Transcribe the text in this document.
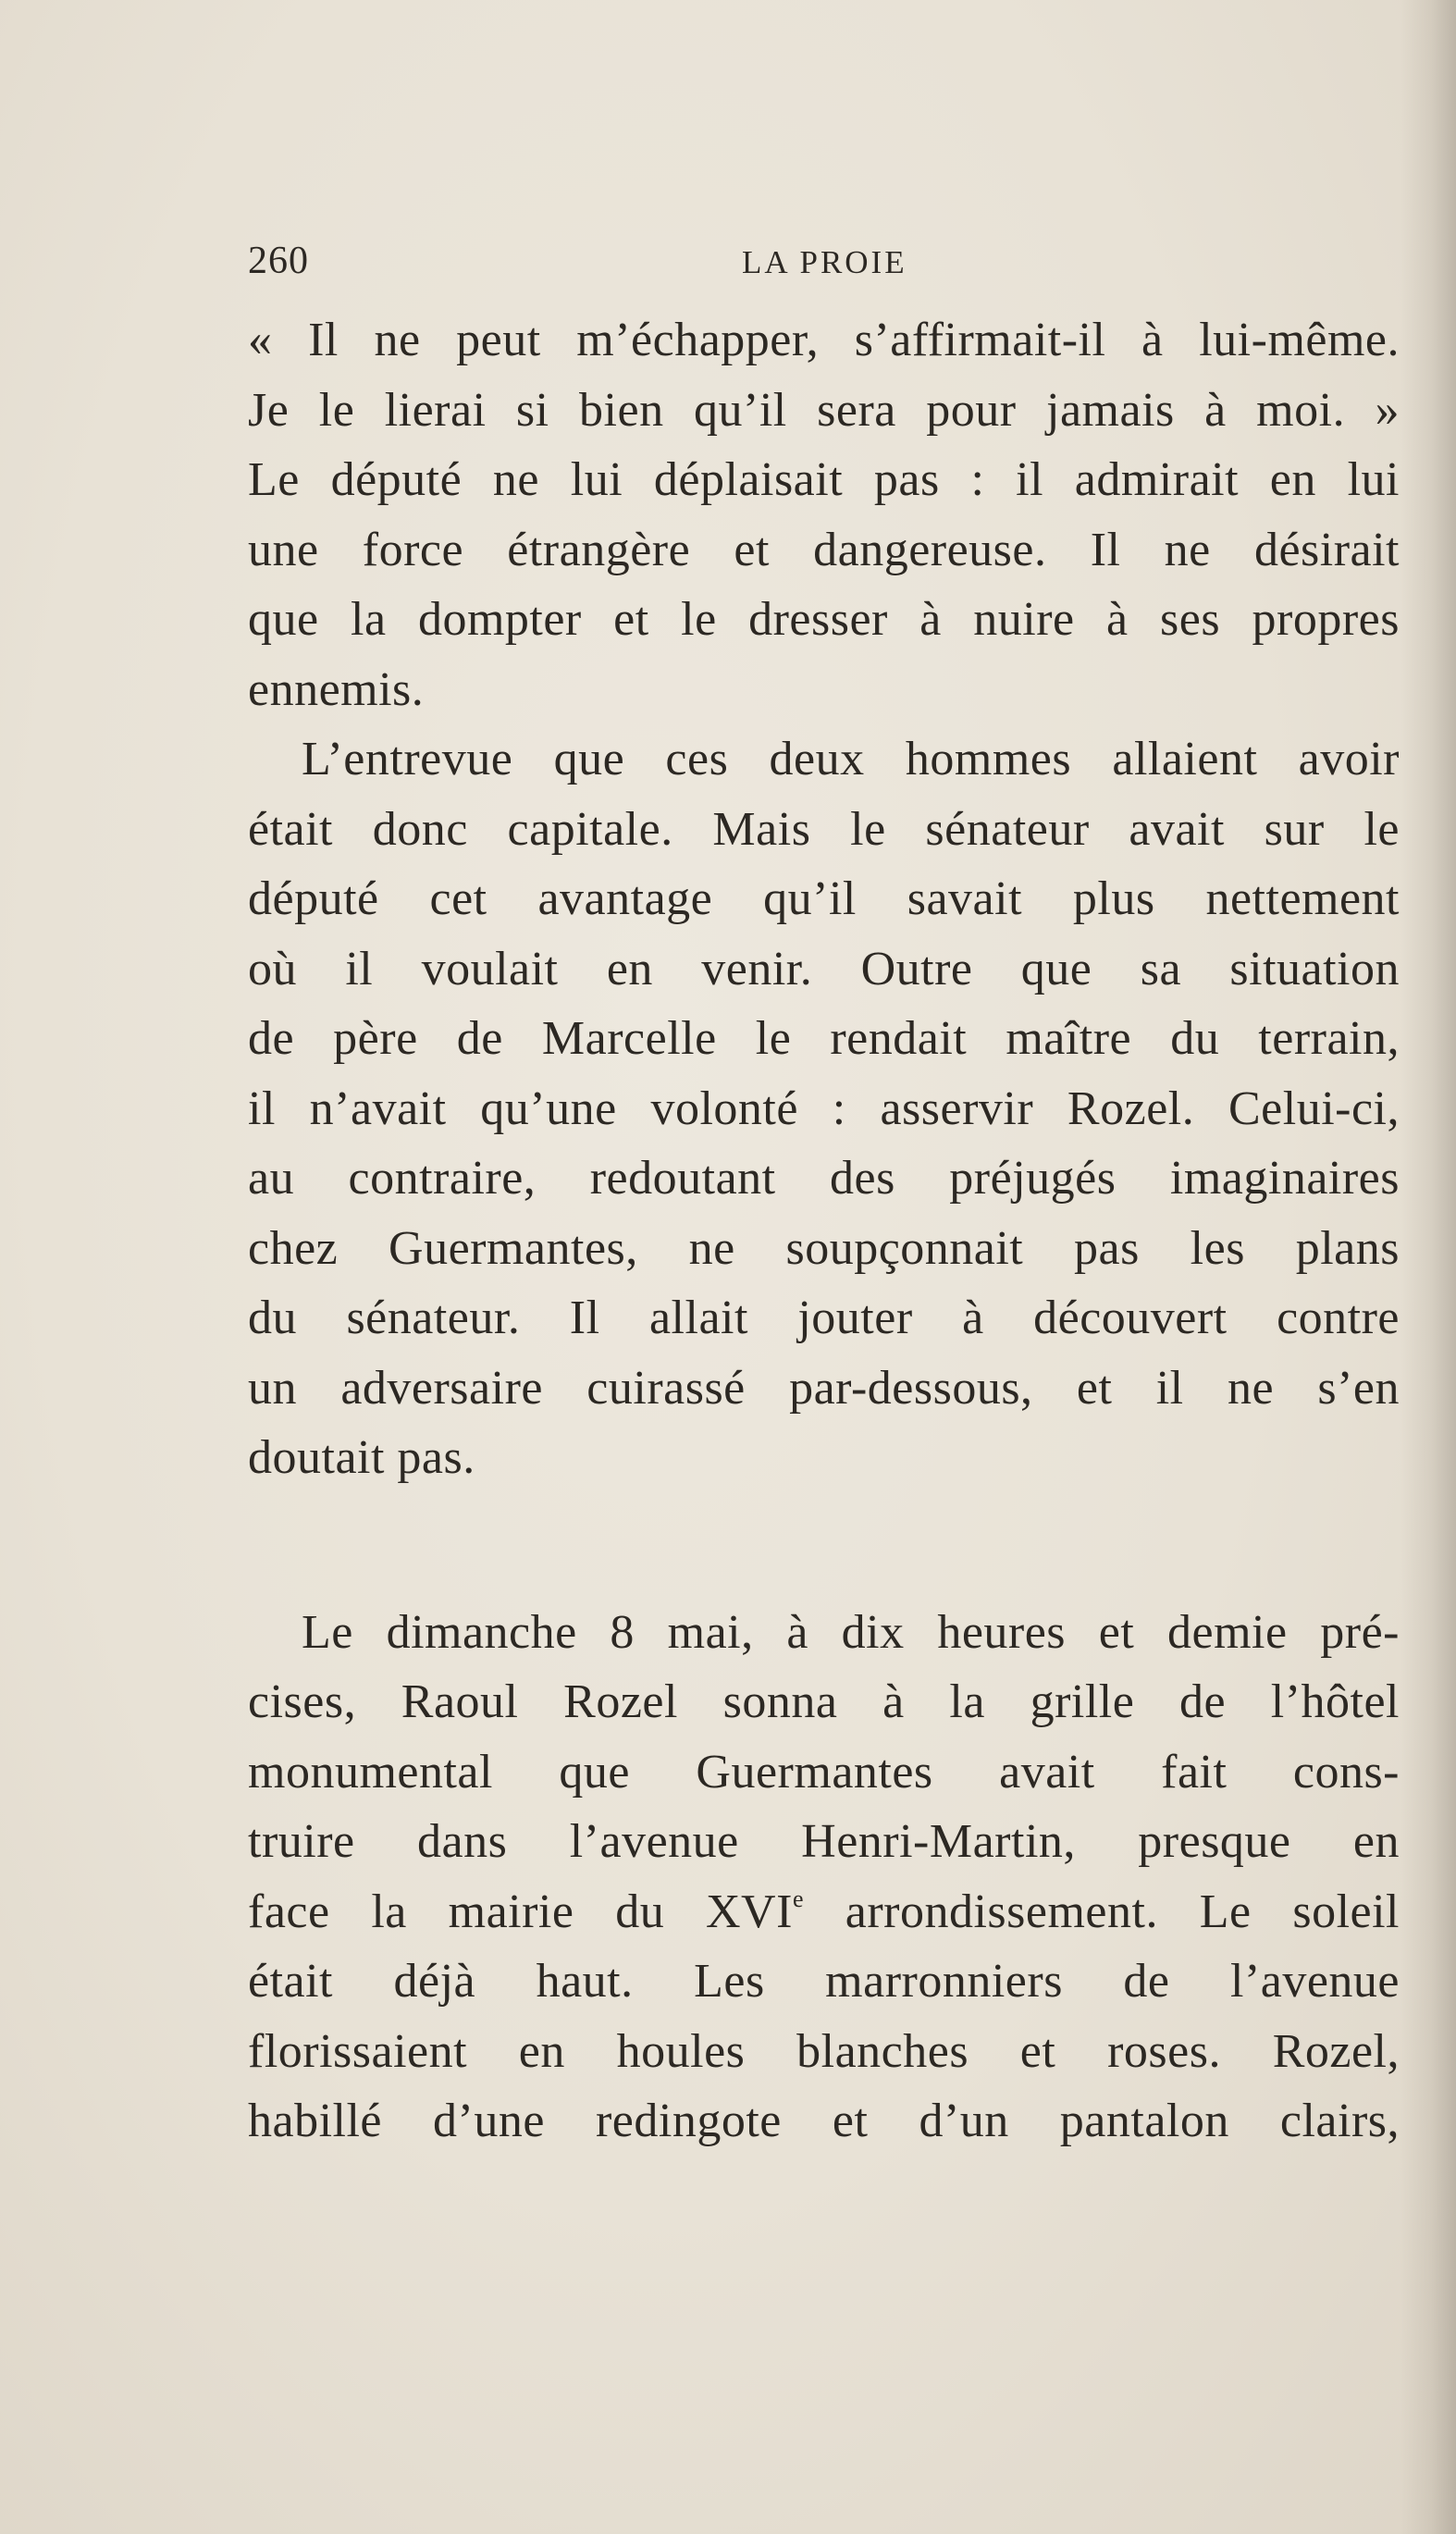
260	LA PROIE
« Il ne peut m’échapper, s’affirmait-il à lui-même.
Je le lierai si bien qu’il sera pour jamais à moi. »
Le député ne lui déplaisait pas : il admirait en lui
une force étrangère et dangereuse. Il ne désirait
que la dompter et le dresser à nuire à ses propres
ennemis.
L’entrevue que ces deux hommes allaient avoir
était donc capitale. Mais le sénateur avait sur le
député cet avantage qu’il savait plus nettement
où il voulait en venir. Outre que sa situation
de père de Marcelle le rendait maître du terrain,
il n’avait qu’une volonté : asservir Rozel. Celui-ci,
au contraire, redoutant des préjugés imaginaires
chez Guermantes, ne soupçonnait pas les plans
du sénateur. Il allait jouter à découvert contre
un adversaire cuirassé par-dessous, et il ne s’en
doutait pas.
Le dimanche 8 mai, à dix heures et demie pré-
cises, Raoul Rozel sonna à la grille de l’hôtel
monumental que Guermantes avait fait cons-
truire dans l’avenue Henri-Martin, presque en
face la mairie du XVIe arrondissement. Le soleil
était déjà haut. Les marronniers de l’avenue
florissaient en houles blanches et roses. Rozel,
habillé d’une redingote et d’un pantalon clairs,
